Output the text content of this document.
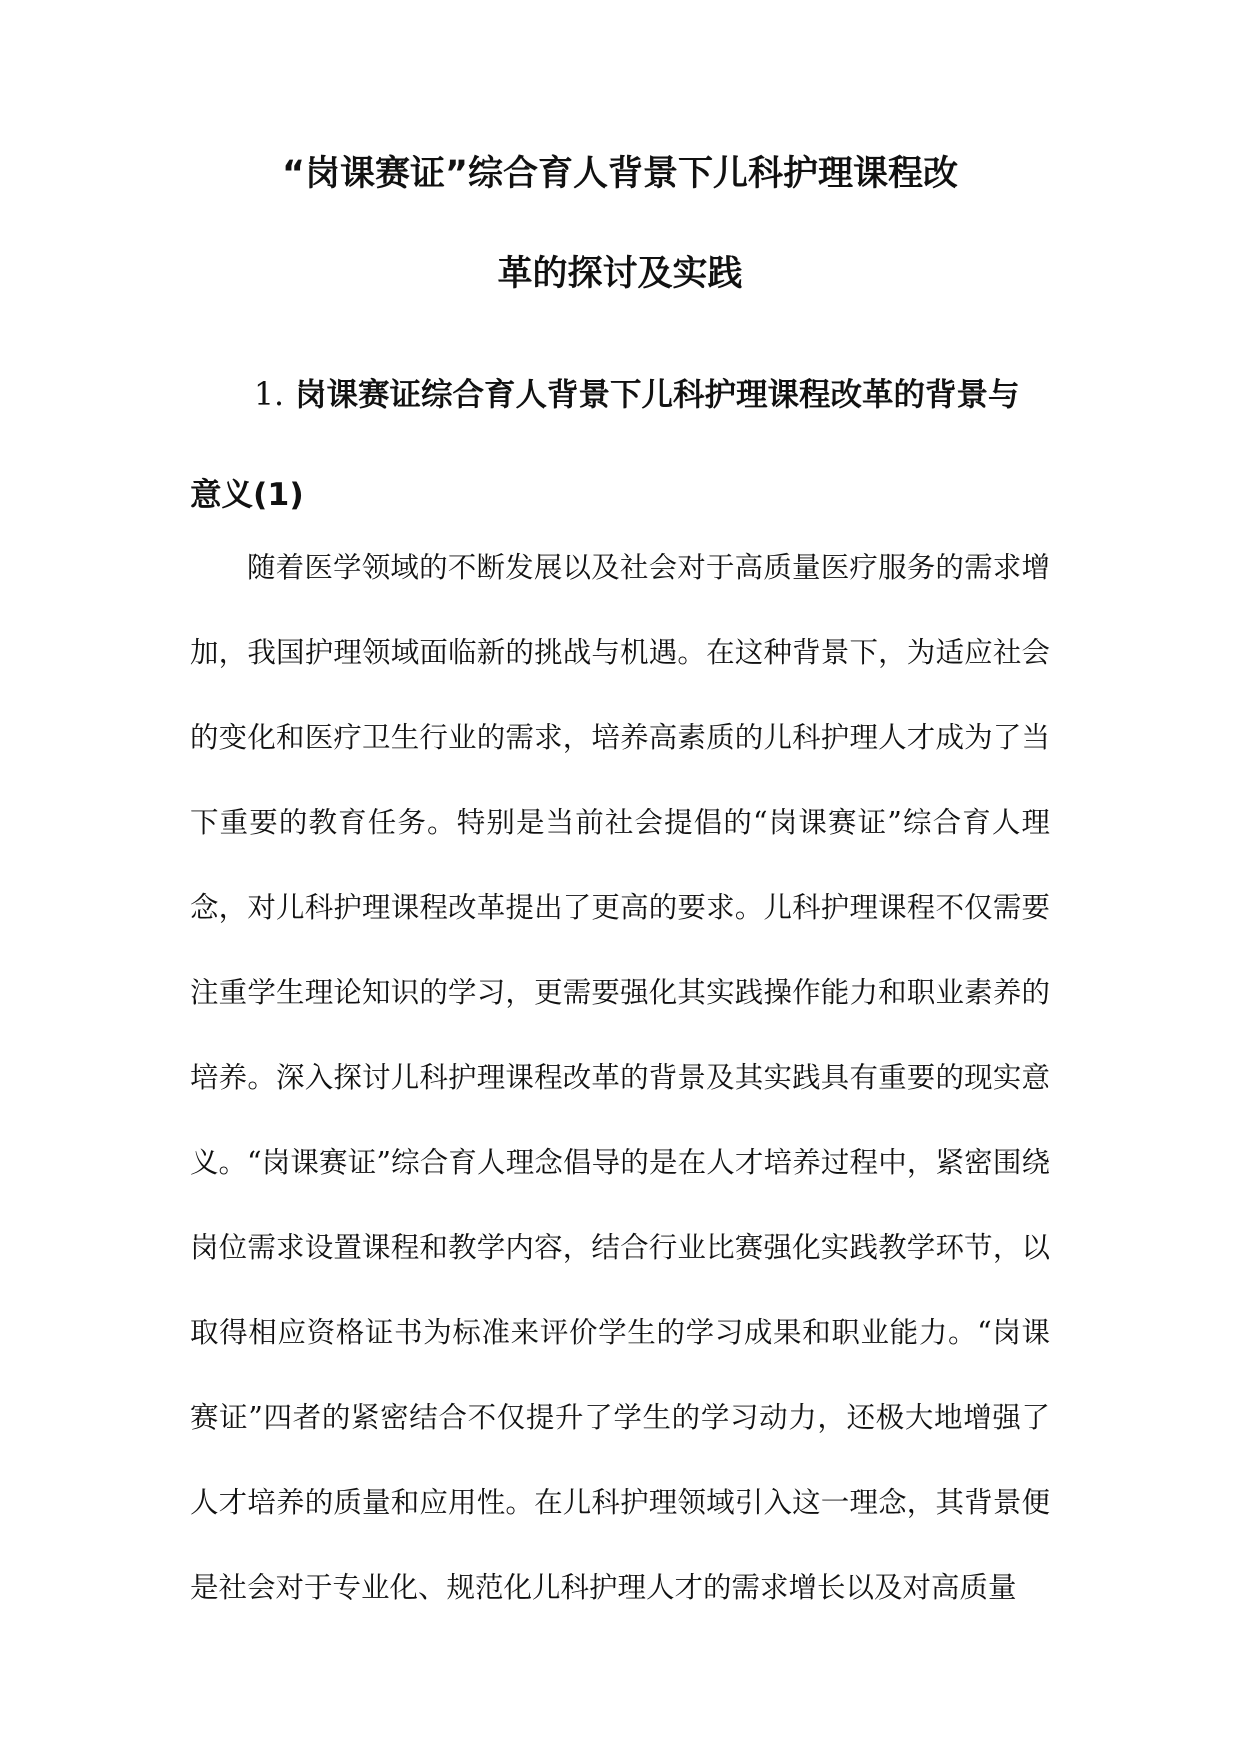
“岗课赛证”综合育人背景下儿科护理课程改
革的探讨及实践
1. 岗课赛证综合育人背景下儿科护理课程改革的背景与意义(1)

随着医学领域的不断发展以及社会对于高质量医疗服务的需求增加，我国护理领域面临新的挑战与机遇。在这种背景下，为适应社会的变化和医疗卫生行业的需求，培养高素质的儿科护理人才成为了当下重要的教育任务。特别是当前社会提倡的“岗课赛证”综合育人理念，对儿科护理课程改革提出了更高的要求。儿科护理课程不仅需要注重学生理论知识的学习，更需要强化其实践操作能力和职业素养的培养。深入探讨儿科护理课程改革的背景及其实践具有重要的现实意义。 “岗课赛证”综合育人理念倡导的是在人才培养过程中，紧密围绕岗位需求设置课程和教学内容，结合行业比赛强化实践教学环节，以取得相应资格证书为标准来评价学生的学习成果和职业能力。“岗课赛证”四者的紧密结合不仅提升了学生的学习动力，还极大地增强了人才培养的质量和应用性。在儿科护理领域引入这一理念，其背景便是社会对于专业化、规范化儿科护理人才的需求增长以及对高质量
